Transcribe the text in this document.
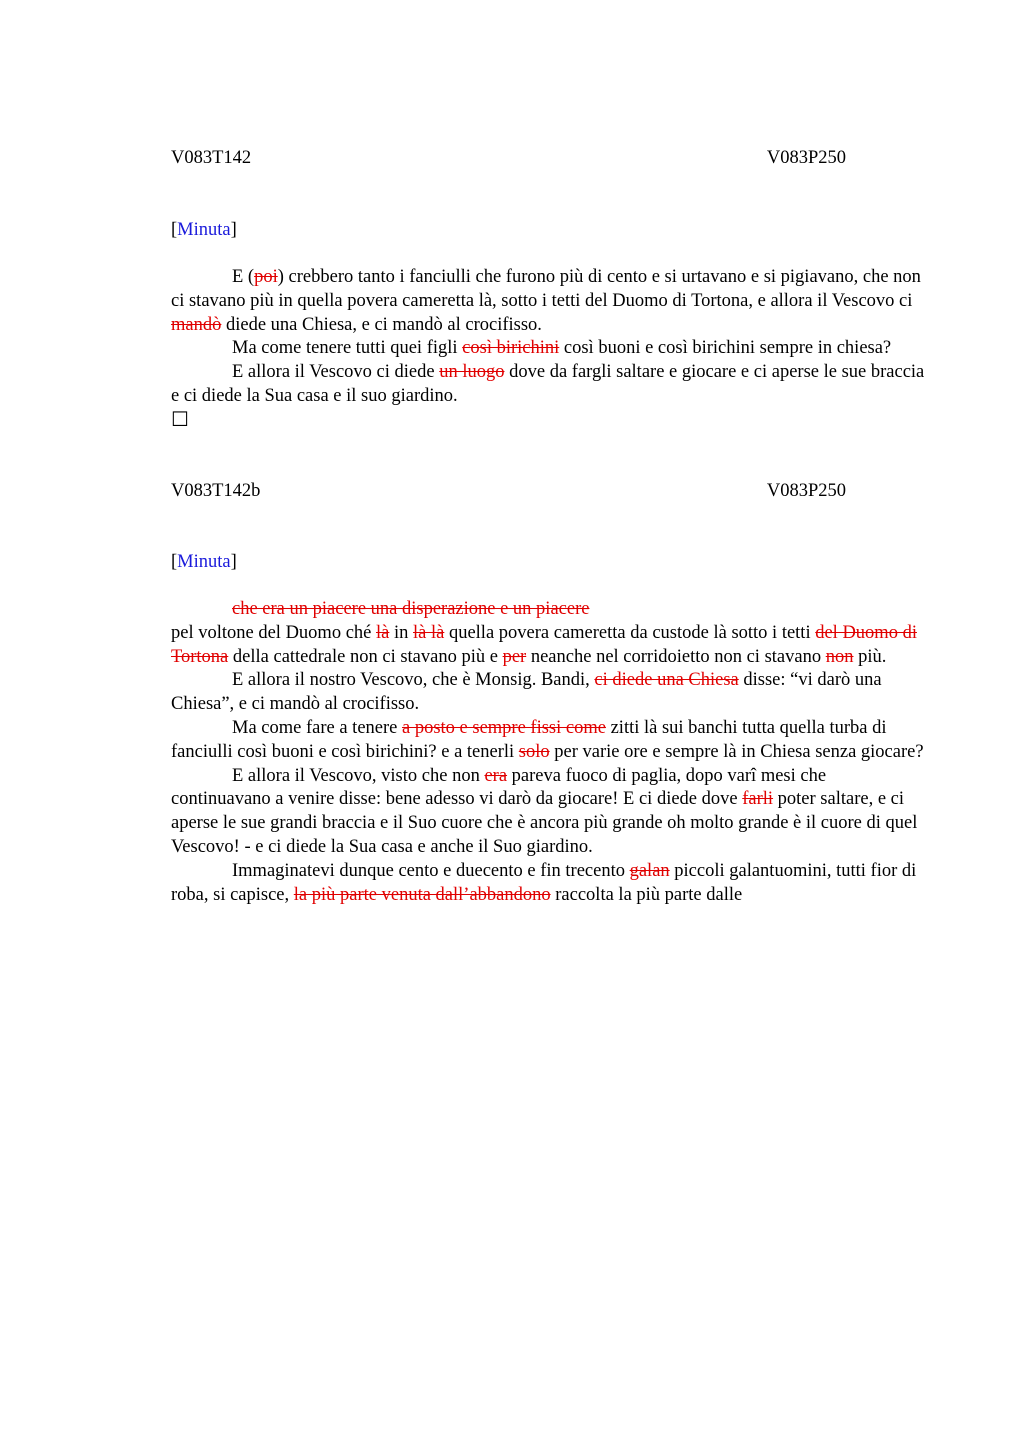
V083T142	V083P250
[Minuta]

E (poi) crebbero tanto i fanciulli che furono più di cento e si urtavano e si pigiavano, che non ci stavano più in quella povera cameretta là, sotto i tetti del Duomo di Tortona, e allora il Vescovo ci mandò diede una Chiesa, e ci mandò al crocifisso.

Ma come tenere tutti quei figli così birichini così buoni e così birichini sempre in chiesa?

E allora il Vescovo ci diede un luogo dove da fargli saltare e giocare e ci aperse le sue braccia e ci diede la Sua casa e il suo giardino.

☐

V083T142b	V083P250
[Minuta]

che era un piacere una disperazione e un piacere

pel voltone del Duomo ché là in là là quella povera cameretta da custode là sotto i tetti del Duomo di Tortona della cattedrale non ci stavano più e per neanche nel corridoietto non ci stavano non più.

E allora il nostro Vescovo, che è Monsig. Bandi, ci diede una Chiesa disse: “vi darò una Chiesa”, e ci mandò al crocifisso.

Ma come fare a tenere a posto e sempre fissi come zitti là sui banchi tutta quella turba di fanciulli così buoni e così birichini? e a tenerli solo per varie ore e sempre là in Chiesa senza giocare?

E allora il Vescovo, visto che non era pareva fuoco di paglia, dopo varî mesi che continuavano a venire disse: bene adesso vi darò da giocare! E ci diede dove farli poter saltare, e ci aperse le sue grandi braccia e il Suo cuore che è ancora più grande oh molto grande è il cuore di quel Vescovo! - e ci diede la Sua casa e anche il Suo giardino.

Immaginatevi dunque cento e duecento e fin trecento galan piccoli galantuomini, tutti fior di roba, si capisce, la più parte venuta dall’abbandono raccolta la più parte dalle
